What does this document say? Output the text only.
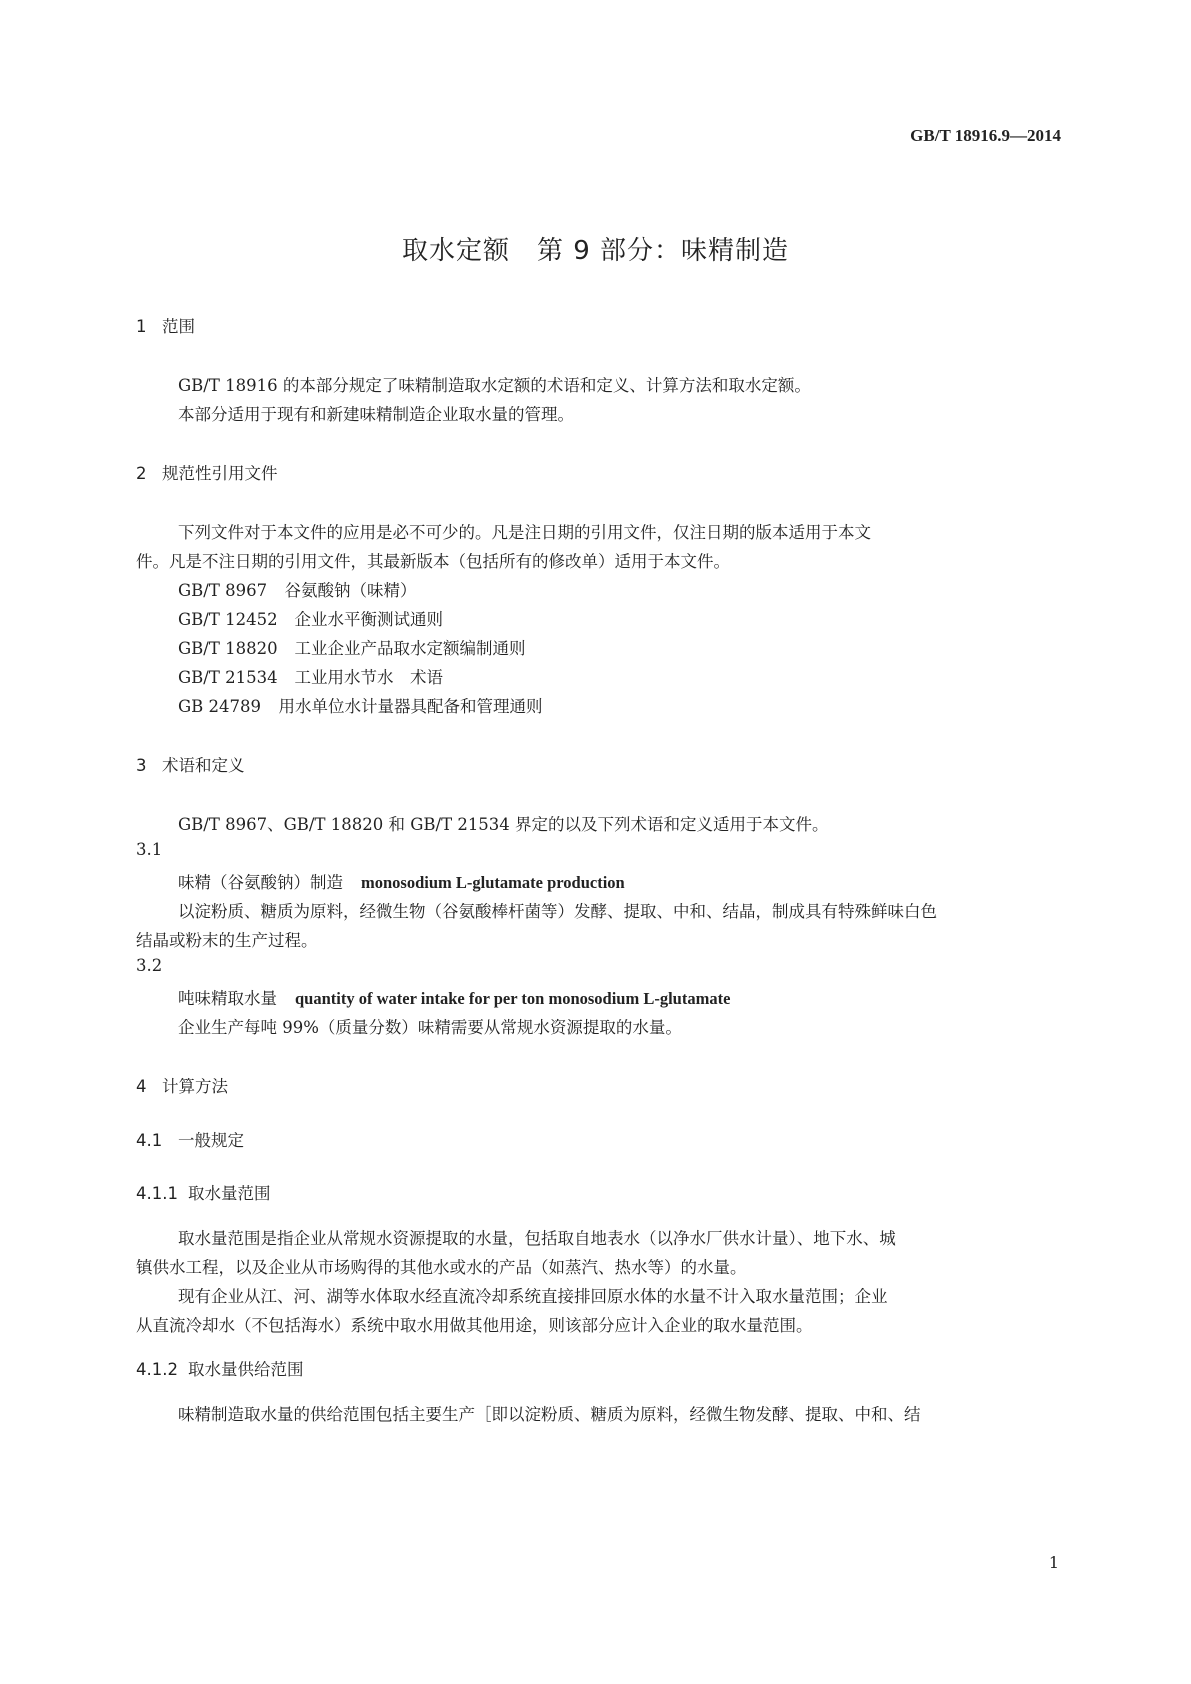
GB/T 18916.9—2014
取水定额　第 9 部分：味精制造
1 范围
GB/T 18916 的本部分规定了味精制造取水定额的术语和定义、计算方法和取水定额。
本部分适用于现有和新建味精制造企业取水量的管理。
2 规范性引用文件
下列文件对于本文件的应用是必不可少的。凡是注日期的引用文件，仅注日期的版本适用于本文
件。凡是不注日期的引用文件，其最新版本（包括所有的修改单）适用于本文件。
GB/T 8967　 谷氨酸钠（味精）
GB/T 12452　 企业水平衡测试通则
GB/T 18820　 工业企业产品取水定额编制通则
GB/T 21534　 工业用水节水　术语
GB 24789　 用水单位水计量器具配备和管理通则
3 术语和定义
GB/T 8967、GB/T 18820 和 GB/T 21534 界定的以及下列术语和定义适用于本文件。
3.1
味精（谷氨酸钠）制造 monosodium L-glutamate production
以淀粉质、糖质为原料，经微生物（谷氨酸棒杆菌等）发酵、提取、中和、结晶，制成具有特殊鲜味白色
结晶或粉末的生产过程。
3.2
吨味精取水量 quantity of water intake for per ton monosodium L-glutamate
企业生产每吨 99%（质量分数）味精需要从常规水资源提取的水量。
4 计算方法
4.1 一般规定
4.1.1 取水量范围
取水量范围是指企业从常规水资源提取的水量，包括取自地表水（以净水厂供水计量）、地下水、城
镇供水工程，以及企业从市场购得的其他水或水的产品（如蒸汽、热水等）的水量。
现有企业从江、河、湖等水体取水经直流冷却系统直接排回原水体的水量不计入取水量范围；企业
从直流冷却水（不包括海水）系统中取水用做其他用途，则该部分应计入企业的取水量范围。
4.1.2 取水量供给范围
味精制造取水量的供给范围包括主要生产［即以淀粉质、糖质为原料，经微生物发酵、提取、中和、结
1
